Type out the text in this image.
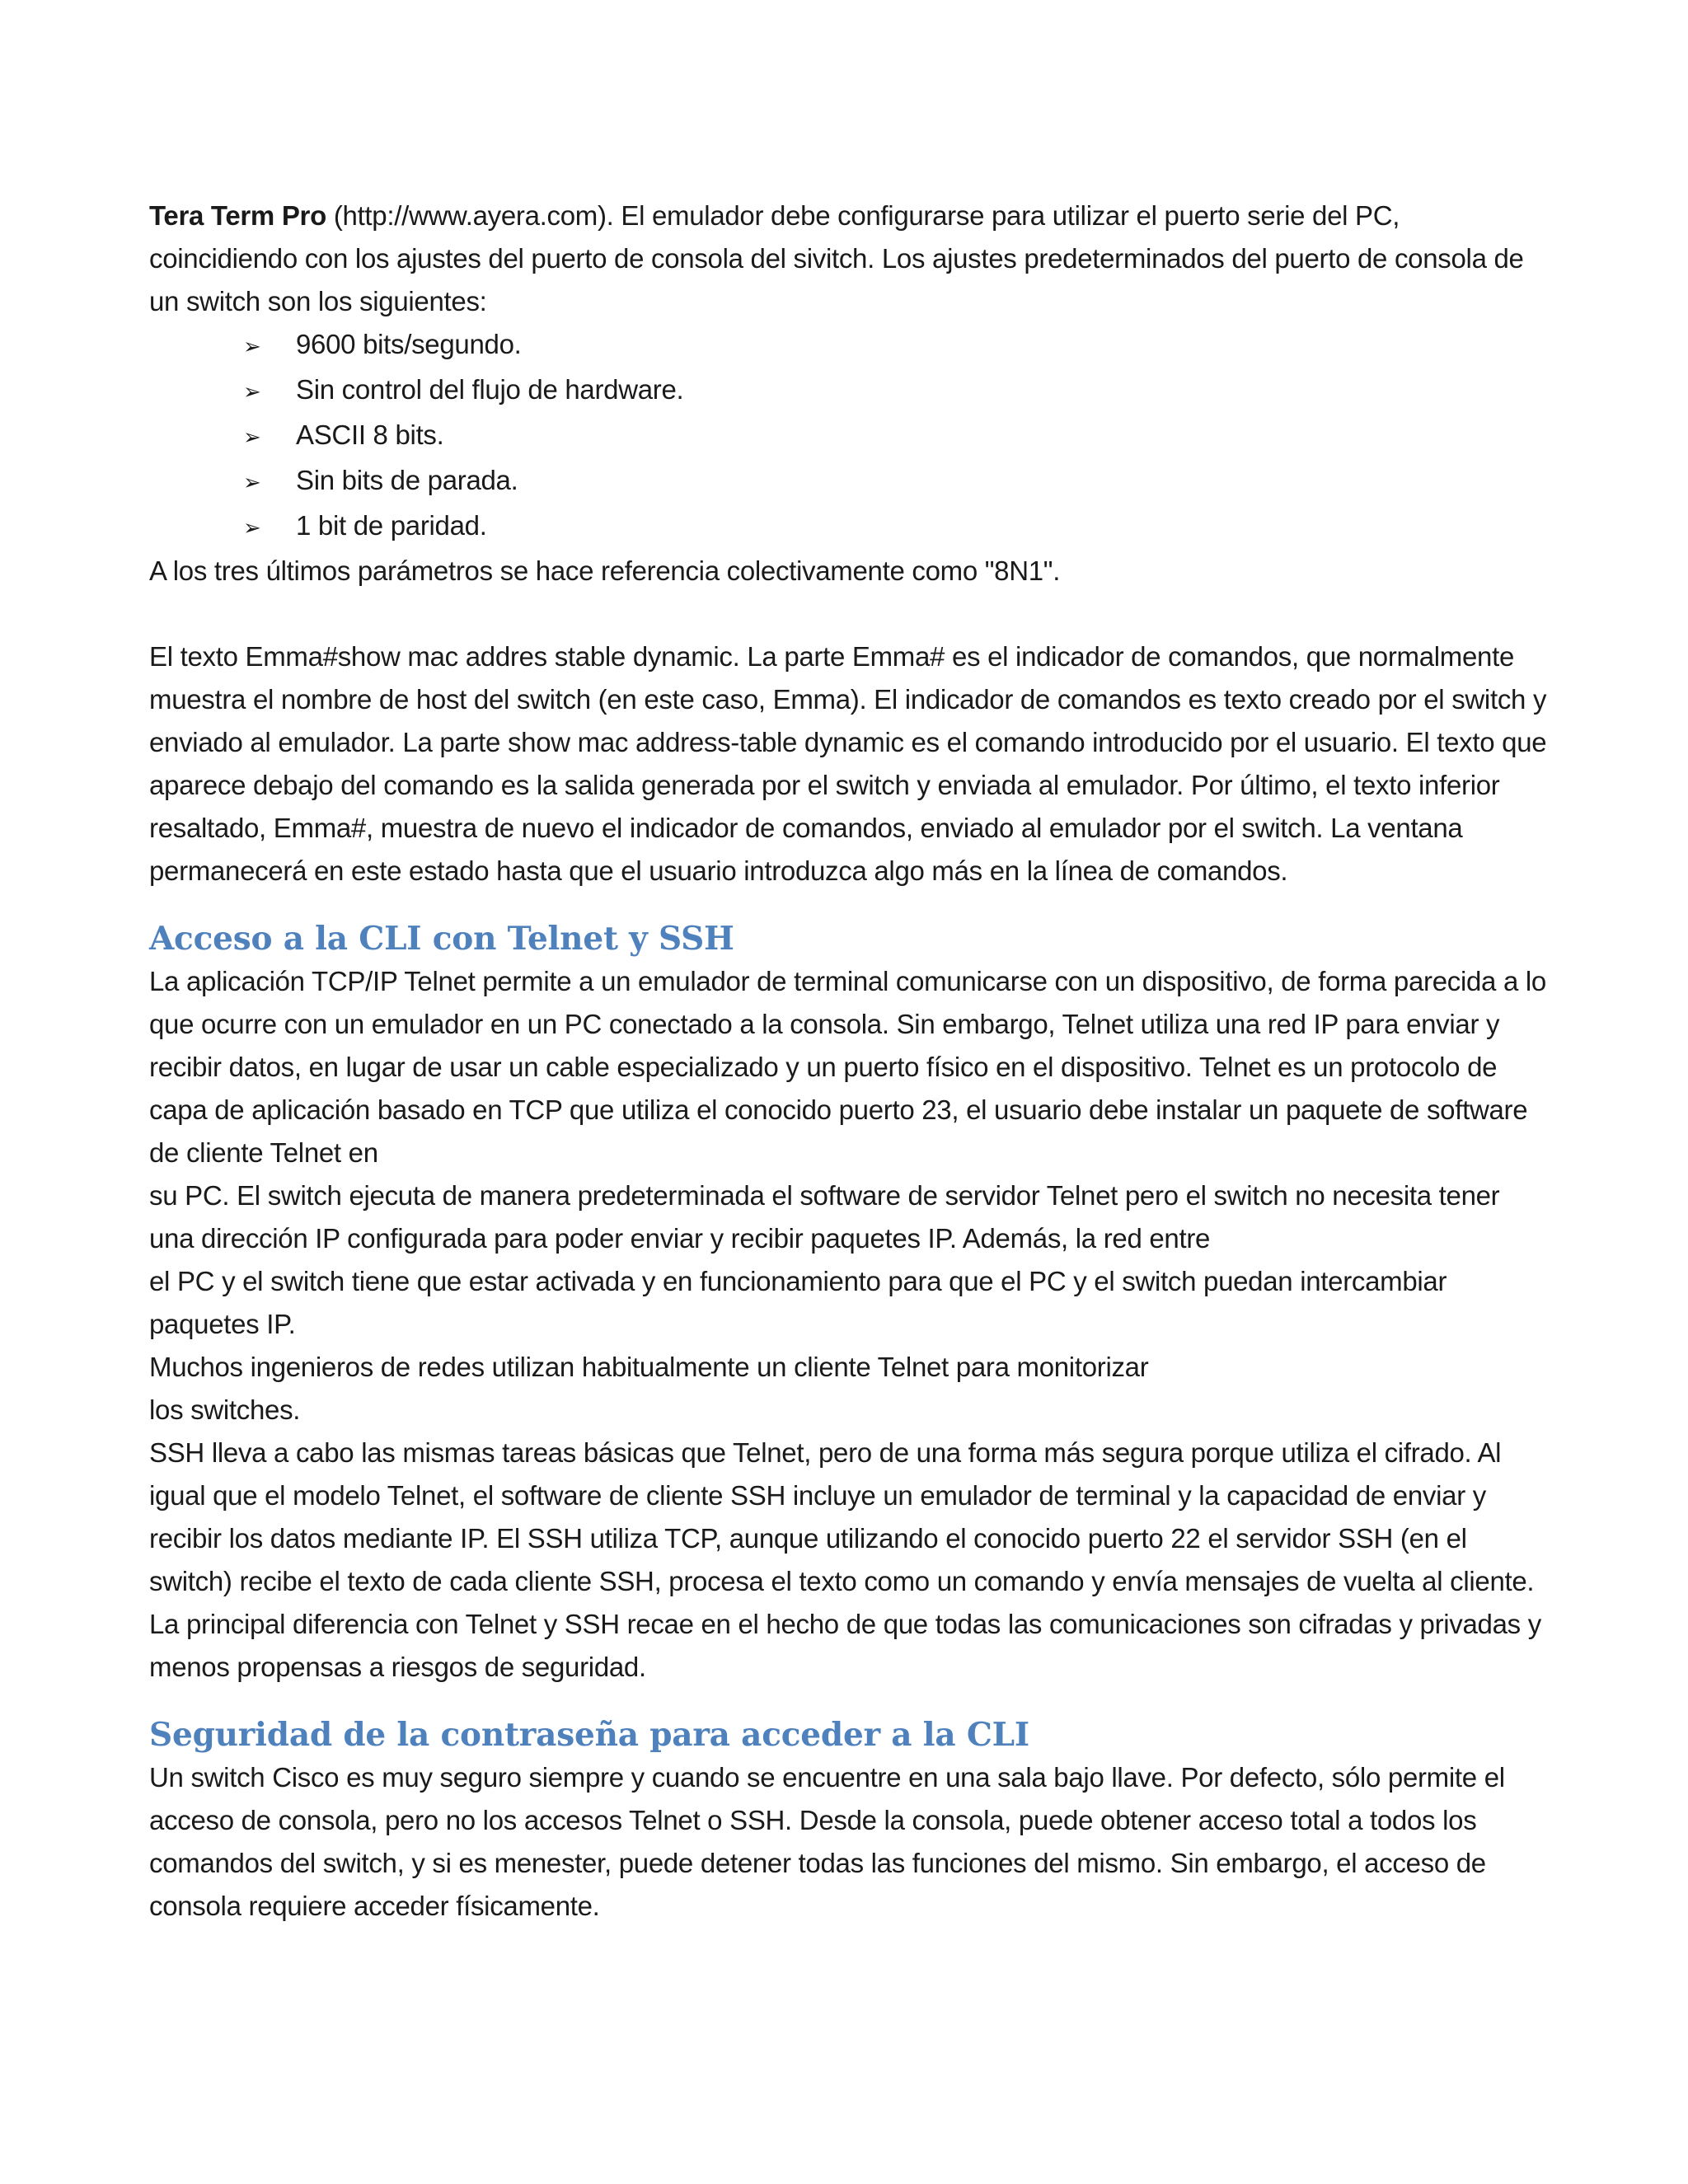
Tera Term Pro (http://www.ayera.com). El emulador debe configurarse para utilizar el puerto serie del PC, coincidiendo con los ajustes del puerto de consola del sivitch. Los ajustes predeterminados del puerto de consola de un switch son los siguientes:

➢	9600 bits/segundo.
➢	Sin control del flujo de hardware.
➢	ASCII 8 bits.
➢	Sin bits de parada.
➢	1 bit de paridad.

A los tres últimos parámetros se hace referencia colectivamente como "8N1".

El texto Emma#show mac addres stable dynamic. La parte Emma# es el indicador de comandos, que normalmente muestra el nombre de host del switch (en este caso, Emma). El indicador de comandos es texto creado por el switch y enviado al emulador. La parte show mac address-table dynamic es el comando introducido por el usuario. El texto que aparece debajo del comando es la salida generada por el switch y enviada al emulador. Por último, el texto inferior resaltado, Emma#, muestra de nuevo el indicador de comandos, enviado al emulador por el switch. La ventana permanecerá en este estado hasta que el usuario introduzca algo más en la línea de comandos.

Acceso a la CLI con Telnet y SSH

La aplicación TCP/IP Telnet permite a un emulador de terminal comunicarse con un dispositivo, de forma parecida a lo que ocurre con un emulador en un PC conectado a la consola. Sin embargo, Telnet utiliza una red IP para enviar y recibir datos, en lugar de usar un cable especializado y un puerto físico en el dispositivo. Telnet es un protocolo de capa de aplicación basado en TCP que utiliza el conocido puerto 23, el usuario debe instalar un paquete de software de cliente Telnet en

su PC. El switch ejecuta de manera predeterminada el software de servidor Telnet pero el switch no necesita tener una dirección IP configurada para poder enviar y recibir paquetes IP. Además, la red entre

el PC y el switch tiene que estar activada y en funcionamiento para que el PC y el switch puedan intercambiar paquetes IP.

Muchos ingenieros de redes utilizan habitualmente un cliente Telnet para monitorizar

los switches.

SSH lleva a cabo las mismas tareas básicas que Telnet, pero de una forma más segura porque utiliza el cifrado. Al igual que el modelo Telnet, el software de cliente SSH incluye un emulador de terminal y la capacidad de enviar y recibir los datos mediante IP. El SSH utiliza TCP, aunque utilizando el conocido puerto 22 el servidor SSH (en el switch) recibe el texto de cada cliente SSH, procesa el texto como un comando y envía mensajes de vuelta al cliente. La principal diferencia con Telnet y SSH recae en el hecho de que todas las comunicaciones son cifradas y privadas y menos propensas a riesgos de seguridad.

Seguridad de la contraseña para acceder a la CLI

Un switch Cisco es muy seguro siempre y cuando se encuentre en una sala bajo llave. Por defecto, sólo permite el acceso de consola, pero no los accesos Telnet o SSH. Desde la consola, puede obtener acceso total a todos los comandos del switch, y si es menester, puede detener todas las funciones del mismo. Sin embargo, el acceso de consola requiere acceder físicamente.
